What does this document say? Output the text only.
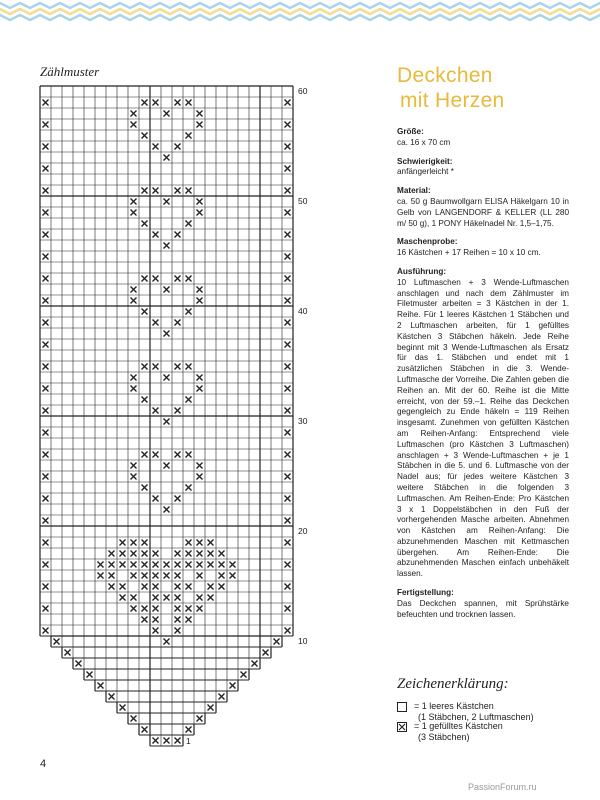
Zählmuster
60
50
40
30
20
10
1
Deckchen
mit Herzen
Größe:

ca. 16 x 70 cm

Schwierigkeit:

anfängerleicht *

Material:

ca. 50 g Baumwollgarn ELISA Häkelgarn 10 in Gelb von LANGENDORF & KELLER (LL 280 m/ 50 g), 1 PONY Häkelnadel Nr. 1,5–1,75.

Maschenprobe:

16 Kästchen + 17 Reihen = 10 x 10 cm.

Ausführung:

10 Luftmaschen + 3 Wende-Luftmaschen anschlagen und nach dem Zählmuster im Filetmuster arbeiten = 3 Kästchen in der 1. Reihe. Für 1 leeres Kästchen 1 Stäbchen und 2 Luftmaschen arbeiten, für 1 gefülltes Kästchen 3 Stäbchen häkeln. Jede Reihe beginnt mit 3 Wende-Luftmaschen als Ersatz für das 1. Stäbchen und endet mit 1 zusätzlichen Stäbchen in die 3. Wende-Luftmasche der Vorreihe. Die Zahlen geben die Reihen an. Mit der 60. Reihe ist die Mitte erreicht, von der 59.–1. Reihe das Deckchen gegengleich zu Ende häkeln = 119 Reihen insgesamt. Zunehmen von gefüllten Kästchen am Reihen-Anfang: Entsprechend viele Luftmaschen (pro Kästchen 3 Luftmaschen) anschlagen + 3 Wende-Luftmaschen + je 1 Stäbchen in die 5. und 6. Luftmasche von der Nadel aus; für jedes weitere Kästchen 3 weitere Stäbchen in die folgenden 3 Luftmaschen. Am Reihen-Ende: Pro Kästchen 3 x 1 Doppelstäbchen in den Fuß der vorhergehenden Masche arbeiten. Abnehmen von Kästchen am Reihen-Anfang: Die abzunehmenden Maschen mit Kettmaschen übergehen. Am Reihen-Ende: Die abzunehmenden Maschen einfach unbehäkelt lassen.

Fertigstellung:

Das Deckchen spannen, mit Sprühstärke befeuchten und trocknen lassen.

Zeichenerklärung:
= 1 leeres Kästchen
(1 Stäbchen, 2 Luftmaschen)
= 1 gefülltes Kästchen
(3 Stäbchen)
4
PassionForum.ru
